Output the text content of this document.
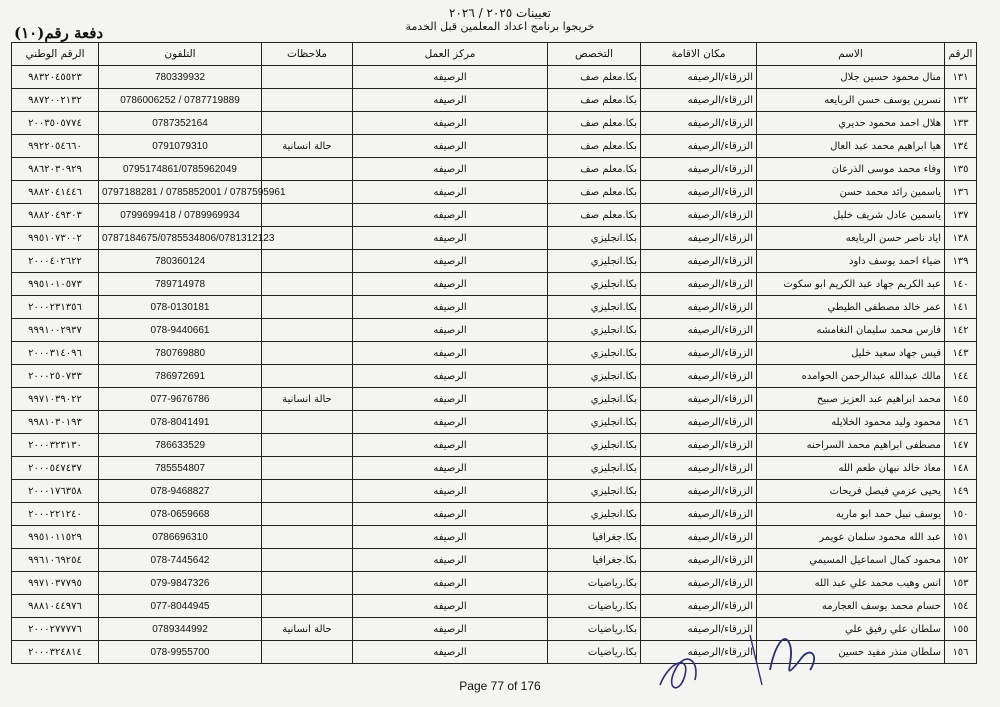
تعيينات ٢٠٢٥ / ٢٠٢٦
خريجوا برنامج اعداد المعلمين قبل الخدمة
دفعة رقم(١٠)
الرقم	الاسم	مكان الاقامة	التخصص	مركز العمل	ملاحظات	التلفون	الرقم الوطني
١٣١	منال محمود حسين جلال	الزرقاء/الرصيفه	بكا.معلم صف	الرصيفه		780339932	٩٨٣٢٠٤٥٥٢٣
١٣٢	نسرين يوسف حسن الربايعه	الزرقاء/الرصيفه	بكا.معلم صف	الرصيفه		0786006252 / 0787719889	٩٨٧٢٠٠٢١٣٢
١٣٣	هلال احمد محمود حديري	الزرقاء/الرصيفه	بكا.معلم صف	الرصيفه		0787352164	٢٠٠٣٥٠٥٧٧٤
١٣٤	هيا ابراهيم محمد عبد العال	الزرقاء/الرصيفه	بكا.معلم صف	الرصيفه	حالة انسانية	0791079310	٩٩٢٢٠٥٤٦٦٠
١٣٥	وفاء محمد موسى الذرعان	الزرقاء/الرصيفه	بكا.معلم صف	الرصيفه		0795174861/0785962049	٩٨٦٢٠٣٠٩٢٩
١٣٦	ياسمين رائد محمد حسن	الزرقاء/الرصيفه	بكا.معلم صف	الرصيفه		0797188281 / 0785852001 / 0787595961	٩٨٨٢٠٤١٤٤٦
١٣٧	ياسمين عادل شريف خليل	الزرقاء/الرصيفه	بكا.معلم صف	الرصيفه		0799699418 / 0789969934	٩٨٨٢٠٤٩٣٠٣
١٣٨	اياد ناصر حسن الربايعه	الزرقاء/الرصيفه	بكا.انجليزي	الرصيفه		0787184675/0785534806/0781312123	٩٩٥١٠٧٣٠٠٢
١٣٩	ضياء احمد يوسف داود	الزرقاء/الرصيفه	بكا.انجليزي	الرصيفه		780360124	٢٠٠٠٤٠٢٦٢٢
١٤٠	عبد الكريم جهاد عبد الكريم ابو سكوت	الزرقاء/الرصيفه	بكا.انجليزي	الرصيفه		789714978	٩٩٥١٠١٠٥٧٣
١٤١	عمر خالد مصطفى الطيطي	الزرقاء/الرصيفه	بكا.انجليزي	الرصيفه		078-0130181	٢٠٠٠٢٣١٣٥٦
١٤٢	فارس محمد سليمان النغامشه	الزرقاء/الرصيفه	بكا.انجليزي	الرصيفه		078-9440661	٩٩٩١٠٠٢٩٣٧
١٤٣	قيس جهاد سعيد خليل	الزرقاء/الرصيفه	بكا.انجليزي	الرصيفه		780769880	٢٠٠٠٣١٤٠٩٦
١٤٤	مالك عبدالله عبدالرحمن الحوامده	الزرقاء/الرصيفه	بكا.انجليزي	الرصيفه		786972691	٢٠٠٠٢٥٠٧٣٣
١٤٥	محمد ابراهيم عبد العزيز صبيح	الزرقاء/الرصيفه	بكا.انجليزي	الرصيفه	حالة انسانية	077-9676786	٩٩٧١٠٣٩٠٢٢
١٤٦	محمود وليد محمود الخلايله	الزرقاء/الرصيفه	بكا.انجليزي	الرصيفه		078-8041491	٩٩٨١٠٣٠١٩٣
١٤٧	مصطفى ابراهيم محمد السراحنه	الزرقاء/الرصيفه	بكا.انجليزي	الرصيفه		786633529	٢٠٠٠٣٢٣١٣٠
١٤٨	معاذ خالد نبهان طعم الله	الزرقاء/الرصيفه	بكا.انجليزي	الرصيفه		785554807	٢٠٠٠٥٤٧٤٣٧
١٤٩	يحيى عزمي فيصل فريحات	الزرقاء/الرصيفه	بكا.انجليزي	الرصيفه		078-9468827	٢٠٠٠١٧٦٣٥٨
١٥٠	يوسف نبيل حمد ابو ماريه	الزرقاء/الرصيفه	بكا.انجليزي	الرصيفه		078-0659668	٢٠٠٠٢٢١٢٤٠
١٥١	عبد الله محمود سلمان عويمر	الزرقاء/الرصيفه	بكا.جغرافيا	الرصيفه		0786696310	٩٩٥١٠١١٥٢٩
١٥٢	محمود كمال اسماعيل المسيمي	الزرقاء/الرصيفه	بكا.جغرافيا	الرصيفه		078-7445642	٩٩٦١٠٦٩٢٥٤
١٥٣	انس وهيب محمد علي عبد الله	الزرقاء/الرصيفه	بكا.رياضيات	الرصيفه		079-9847326	٩٩٧١٠٣٧٧٩٥
١٥٤	حسام محمد يوسف العجارمه	الزرقاء/الرصيفه	بكا.رياضيات	الرصيفه		077-8044945	٩٨٨١٠٤٤٩٧٦
١٥٥	سلطان علي رفيق علي	الزرقاء/الرصيفه	بكا.رياضيات	الرصيفه	حالة انسانية	0789344992	٢٠٠٠٢٧٧٧٧٦
١٥٦	سلطان منذر مفيد حسين	الزرقاء/الرصيفه	بكا.رياضيات	الرصيفه		078-9955700	٢٠٠٠٣٢٤٨١٤
Page 77 of 176
